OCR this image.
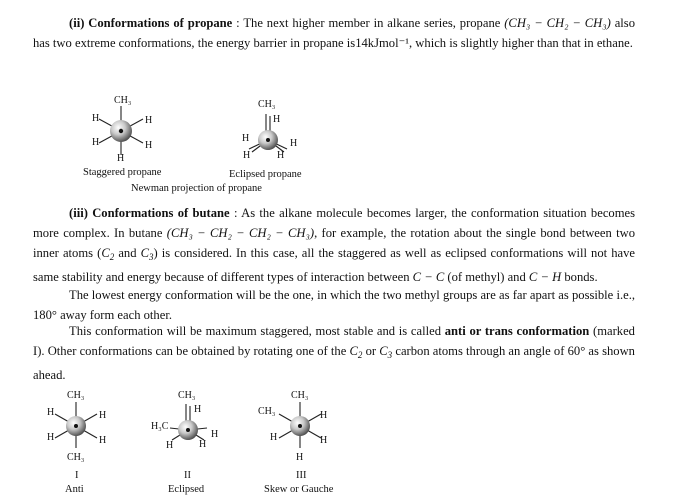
(ii) Conformations of propane : The next higher member in alkane series, propane (CH₃ − CH₂ − CH₃) also has two extreme conformations, the energy barrier in propane is14kJmol⁻¹, which is slightly higher than that in ethane.

(iii) Conformations of butane : As the alkane molecule becomes larger, the conformation situation becomes more complex. In butane (CH₃ − CH₂ − CH₂ − CH₃), for example, the rotation about the single bond between two inner atoms ($C_2$ and $C_3$) is considered. In this case, all the staggered as well as eclipsed conformations will not have same stability and energy because of different types of interaction between C − C (of methyl) and C − H bonds.

The lowest energy conformation will be the one, in which the two methyl groups are as far apart as possible i.e., 180° away form each other.

This conformation will be maximum staggered, most stable and is called anti or trans conformation (marked I). Other conformations can be obtained by rotating one of the $C_2$ or $C_3$ carbon atoms through an angle of 60° as shown ahead.

CH₃
H	H
H	H
H
Staggered propane
CH₃
H
H	H
H	H
Eclipsed propane
Newman projection of propane
CH₃
H	H
H	H
CH₃
I
Anti
CH₃
H
H₃C
H
H	H
II
Eclipsed
CH₃
CH₃	H
H	H
H
III
Skew or Gauche
